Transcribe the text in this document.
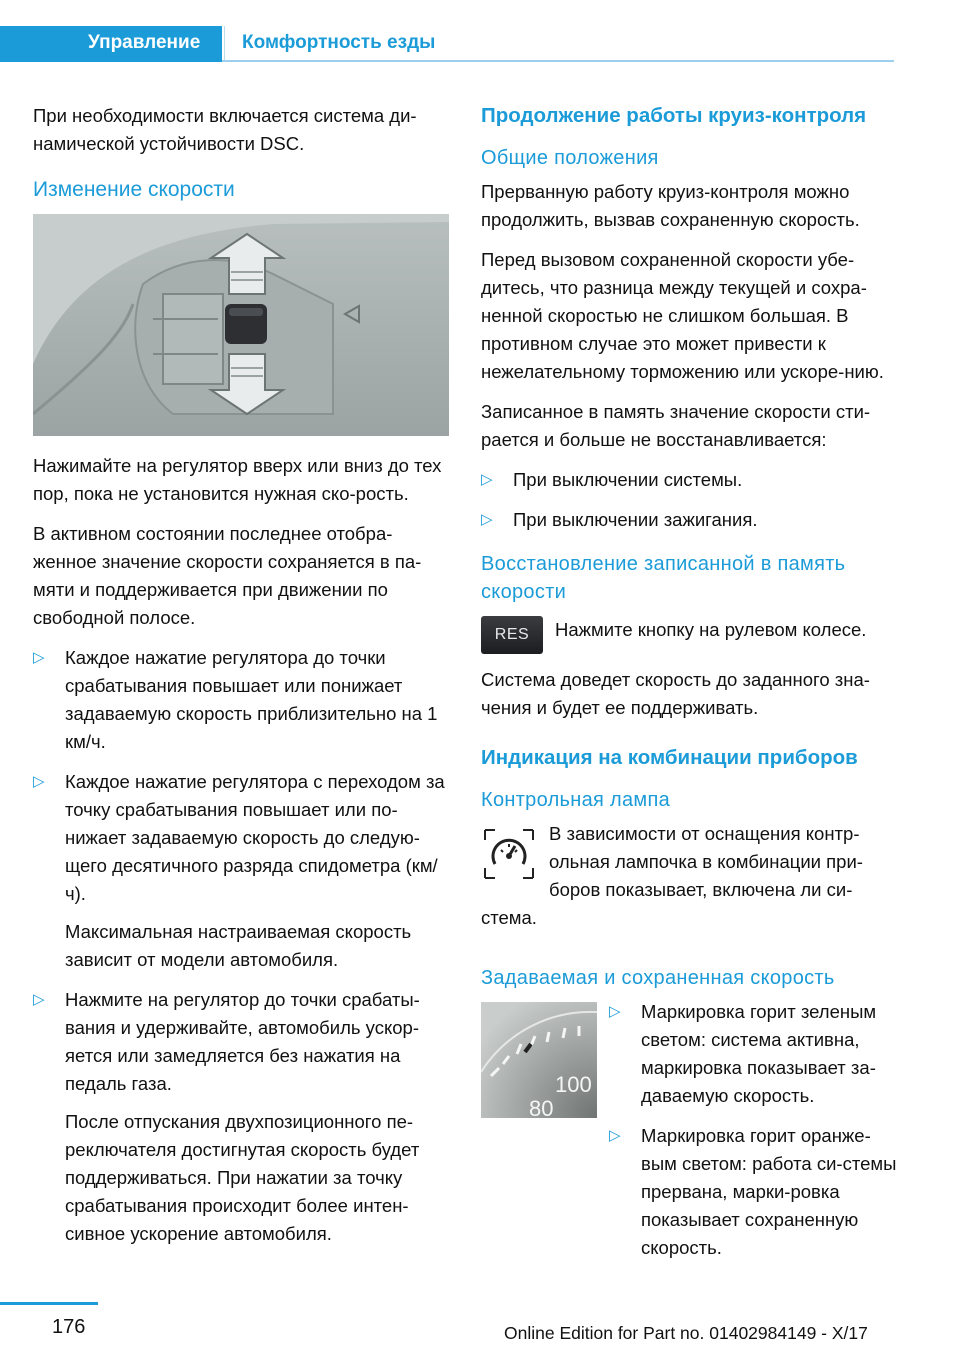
Управление Комфортность езды

При необходимости включается система ди-намической устойчивости DSC.

Изменение скорости

Нажимайте на регулятор вверх или вниз до тех пор, пока не установится нужная ско-рость.

В активном состоянии последнее отобра-женное значение скорости сохраняется в па-мяти и поддерживается при движении по свободной полосе.

▷ Каждое нажатие регулятора до точки срабатывания повышает или понижает задаваемую скорость приблизительно на 1 км/ч.
▷ Каждое нажатие регулятора с переходом за точку срабатывания повышает или по-нижает задаваемую скорость до следую-щего десятичного разряда спидометра (км/ч).
Максимальная настраиваемая скорость зависит от модели автомобиля.
▷ Нажмите на регулятор до точки срабаты-вания и удерживайте, автомобиль ускор-яется или замедляется без нажатия на педаль газа.
После отпускания двухпозиционного пе-реключателя достигнутая скорость будет поддерживаться. При нажатии за точку срабатывания происходит более интен-сивное ускорение автомобиля.
Продолжение работы круиз-контроля
Общие положения

Прерванную работу круиз-контроля можно продолжить, вызвав сохраненную скорость.

Перед вызовом сохраненной скорости убе-дитесь, что разница между текущей и сохра-ненной скоростью не слишком большая. В противном случае это может привести к нежелательному торможению или ускоре-нию.

Записанное в память значение скорости сти-рается и больше не восстанавливается:

▷ При выключении системы.
▷ При выключении зажигания.
Восстановление записанной в память скорости
RES	Нажмите кнопку на рулевом колесе.

Система доведет скорость до заданного зна-чения и будет ее поддерживать.

Индикация на комбинации приборов
Контрольная лампа

В зависимости от оснащения контр-ольная лампочка в комбинации при-боров показывает, включена ли си-стема.

Задаваемая и сохраненная скорость
100
80
▷ Маркировка горит зеленым светом: система активна, маркировка показывает за-даваемую скорость.
▷ Маркировка горит оранже-вым светом: работа си-стемы прервана, марки-ровка показывает сохраненную скорость.
176	Online Edition for Part no. 01402984149 - X/17
